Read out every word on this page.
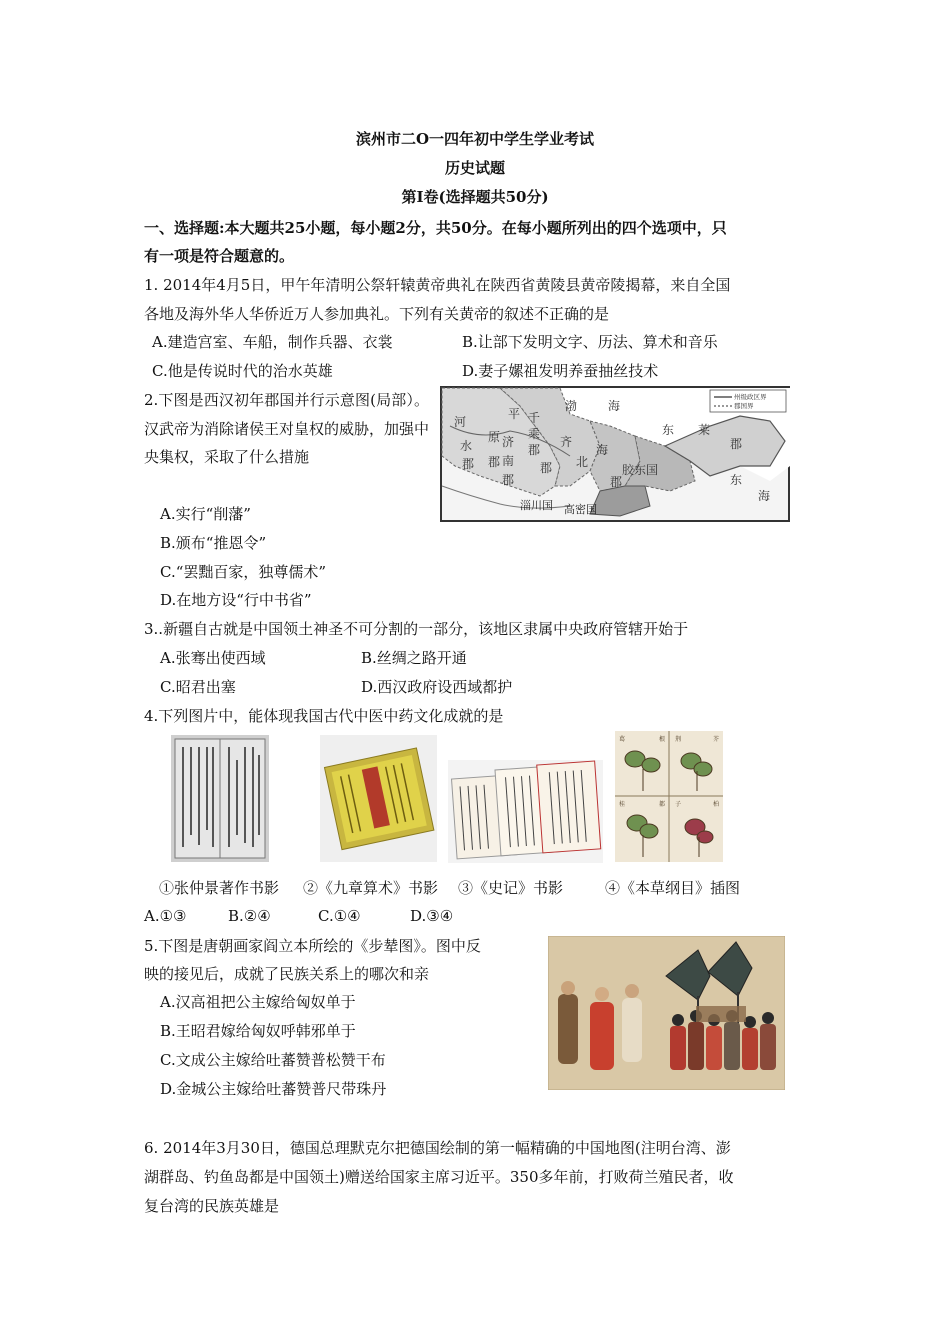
滨州市二O一四年初中学生学业考试
历史试题
第I卷(选择题共50分)
一、选择题:本大题共25小题，每小题2分，共50分。在每小题所列出的四个选项中，只
有一项是符合题意的。
1. 2014年4月5日，甲午年清明公祭轩辕黄帝典礼在陕西省黄陵县黄帝陵揭幕，来自全国
各地及海外华人华侨近万人参加典礼。下列有关黄帝的叙述不正确的是
A.建造宫室、车船，制作兵器、衣裳	B.让部下发明文字、历法、算术和音乐
C.他是传说时代的治水英雄	D.妻子嫘祖发明养蚕抽丝技术
2.下图是西汉初年郡国并行示意图(局部）。汉武帝为消除诸侯王对皇权的威胁，加强中央集权，采取了什么措施
A.实行“削藩”
B.颁布“推恩令”
C.“罢黜百家，独尊儒术”
D.在地方设“行中书省”
州级政区界
郡国界
河
水
郡
平
原
郡
千
乘
郡
济
南
郡
齐
郡 北
海
郡
渤	海
东 莱
郡
胶东国
东
海
淄川国 高密国
3..新疆自古就是中国领土神圣不可分割的一部分，该地区隶属中央政府管辖开始于
A.张骞出使西域	B.丝绸之路开通
C.昭君出塞	D.西汉政府设西域都护
4.下列图片中，能体现我国古代中医中药文化成就的是
葛	根 荆	芥
桂	都 子	柏
①张仲景著作书影 ②《九章算术》书影 ③《史记》书影	④《本草纲目》插图
A.①③	B.②④	C.①④	D.③④
5.下图是唐朝画家阎立本所绘的《步辇图》。图中反
映的接见后，成就了民族关系上的哪次和亲
A.汉高祖把公主嫁给匈奴单于
B.王昭君嫁给匈奴呼韩邪单于
C.文成公主嫁给吐蕃赞普松赞干布
D.金城公主嫁给吐蕃赞普尺带珠丹
6. 2014年3月30日，德国总理默克尔把德国绘制的第一幅精确的中国地图(注明台湾、澎
湖群岛、钓鱼岛都是中国领土)赠送给国家主席习近平。350多年前，打败荷兰殖民者，收
复台湾的民族英雄是
